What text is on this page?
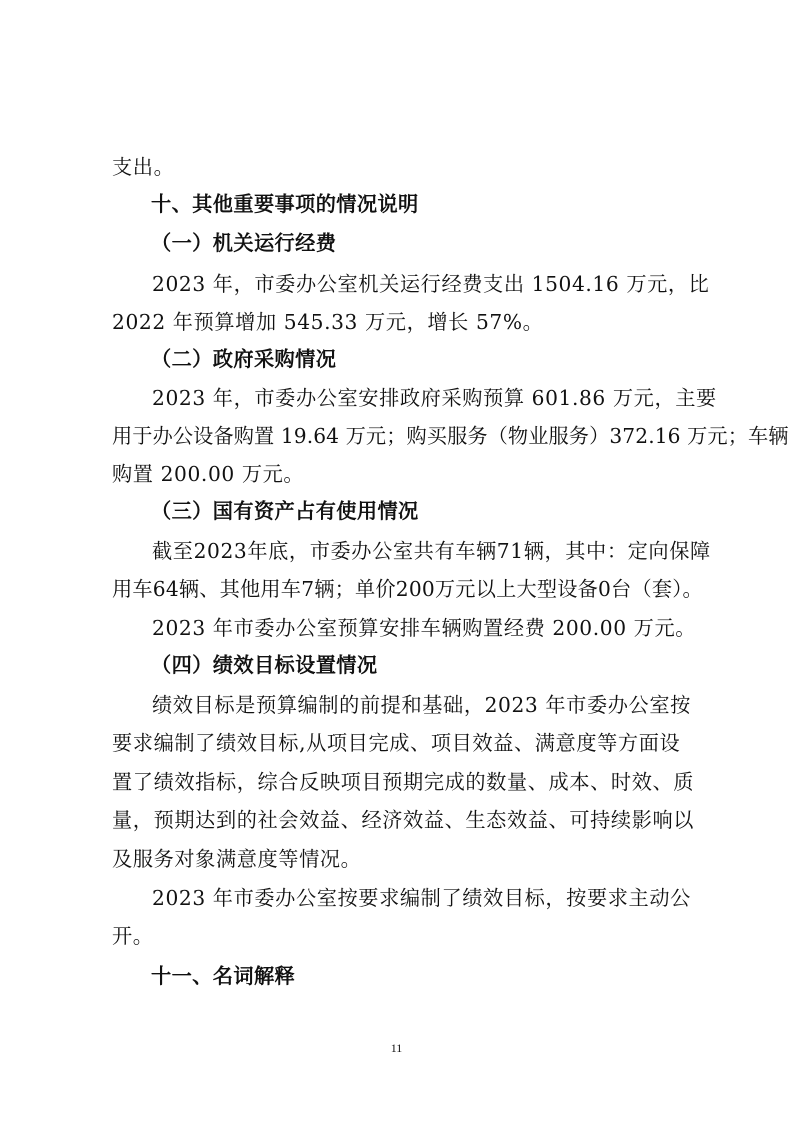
支出。
十、其他重要事项的情况说明
（一）机关运行经费
2023 年，市委办公室机关运行经费支出 1504.16 万元，比
2022 年预算增加 545.33 万元，增长 57%。
（二）政府采购情况
2023 年，市委办公室安排政府采购预算 601.86 万元，主要
用于办公设备购置 19.64 万元；购买服务（物业服务）372.16 万元；车辆
购置 200.00 万元。
（三）国有资产占有使用情况
截至2023年底，市委办公室共有车辆71辆，其中：定向保障
用车64辆、其他用车7辆；单价200万元以上大型设备0台（套）。
2023 年市委办公室预算安排车辆购置经费 200.00 万元。
（四）绩效目标设置情况
绩效目标是预算编制的前提和基础，2023 年市委办公室按
要求编制了绩效目标,从项目完成、项目效益、满意度等方面设
置了绩效指标，综合反映项目预期完成的数量、成本、时效、质
量，预期达到的社会效益、经济效益、生态效益、可持续影响以
及服务对象满意度等情况。
2023 年市委办公室按要求编制了绩效目标，按要求主动公
开。
十一、名词解释
11
